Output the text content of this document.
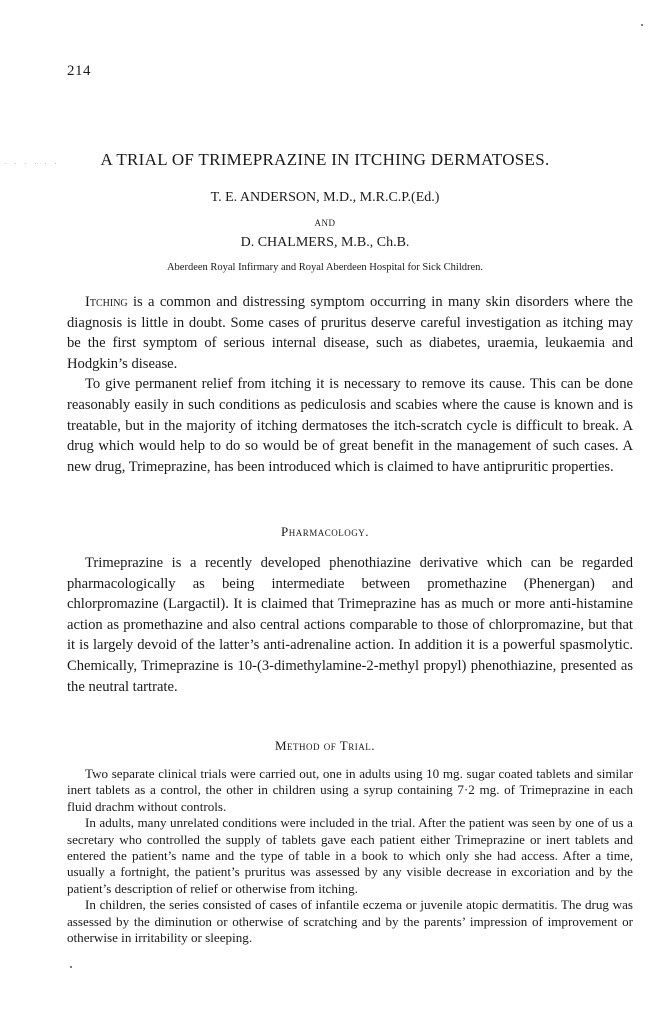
· · · · · ·
214
A TRIAL OF TRIMEPRAZINE IN ITCHING DERMATOSES.
T. E. ANDERSON, M.D., M.R.C.P.(Ed.)
AND
D. CHALMERS, M.B., Ch.B.
Aberdeen Royal Infirmary and Royal Aberdeen Hospital for Sick Children.

Itching is a common and distressing symptom occurring in many skin disorders where the diagnosis is little in doubt. Some cases of pruritus deserve careful investigation as itching may be the first symptom of serious internal disease, such as diabetes, uraemia, leukaemia and Hodgkin’s disease.

To give permanent relief from itching it is necessary to remove its cause. This can be done reasonably easily in such conditions as pediculosis and scabies where the cause is known and is treatable, but in the majority of itching dermatoses the itch-scratch cycle is difficult to break. A drug which would help to do so would be of great benefit in the management of such cases. A new drug, Trimeprazine, has been introduced which is claimed to have antipruritic properties.

Pharmacology.

Trimeprazine is a recently developed phenothiazine derivative which can be regarded pharmacologically as being intermediate between promethazine (Phenergan) and chlorpromazine (Largactil). It is claimed that Trimeprazine has as much or more anti-histamine action as promethazine and also central actions comparable to those of chlorpromazine, but that it is largely devoid of the latter’s anti-adrenaline action. In addition it is a powerful spasmolytic. Chemically, Trimeprazine is 10-(3-dimethylamine-2-methyl propyl) phenothiazine, presented as the neutral tartrate.

Method of Trial.

Two separate clinical trials were carried out, one in adults using 10 mg. sugar coated tablets and similar inert tablets as a control, the other in children using a syrup containing 7·2 mg. of Trimeprazine in each fluid drachm without controls.

In adults, many unrelated conditions were included in the trial. After the patient was seen by one of us a secretary who controlled the supply of tablets gave each patient either Trimeprazine or inert tablets and entered the patient’s name and the type of table in a book to which only she had access. After a time, usually a fortnight, the patient’s pruritus was assessed by any visible decrease in excoriation and by the patient’s description of relief or otherwise from itching.

In children, the series consisted of cases of infantile eczema or juvenile atopic dermatitis. The drug was assessed by the diminution or otherwise of scratching and by the parents’ impression of improvement or otherwise in irritability or sleeping.
